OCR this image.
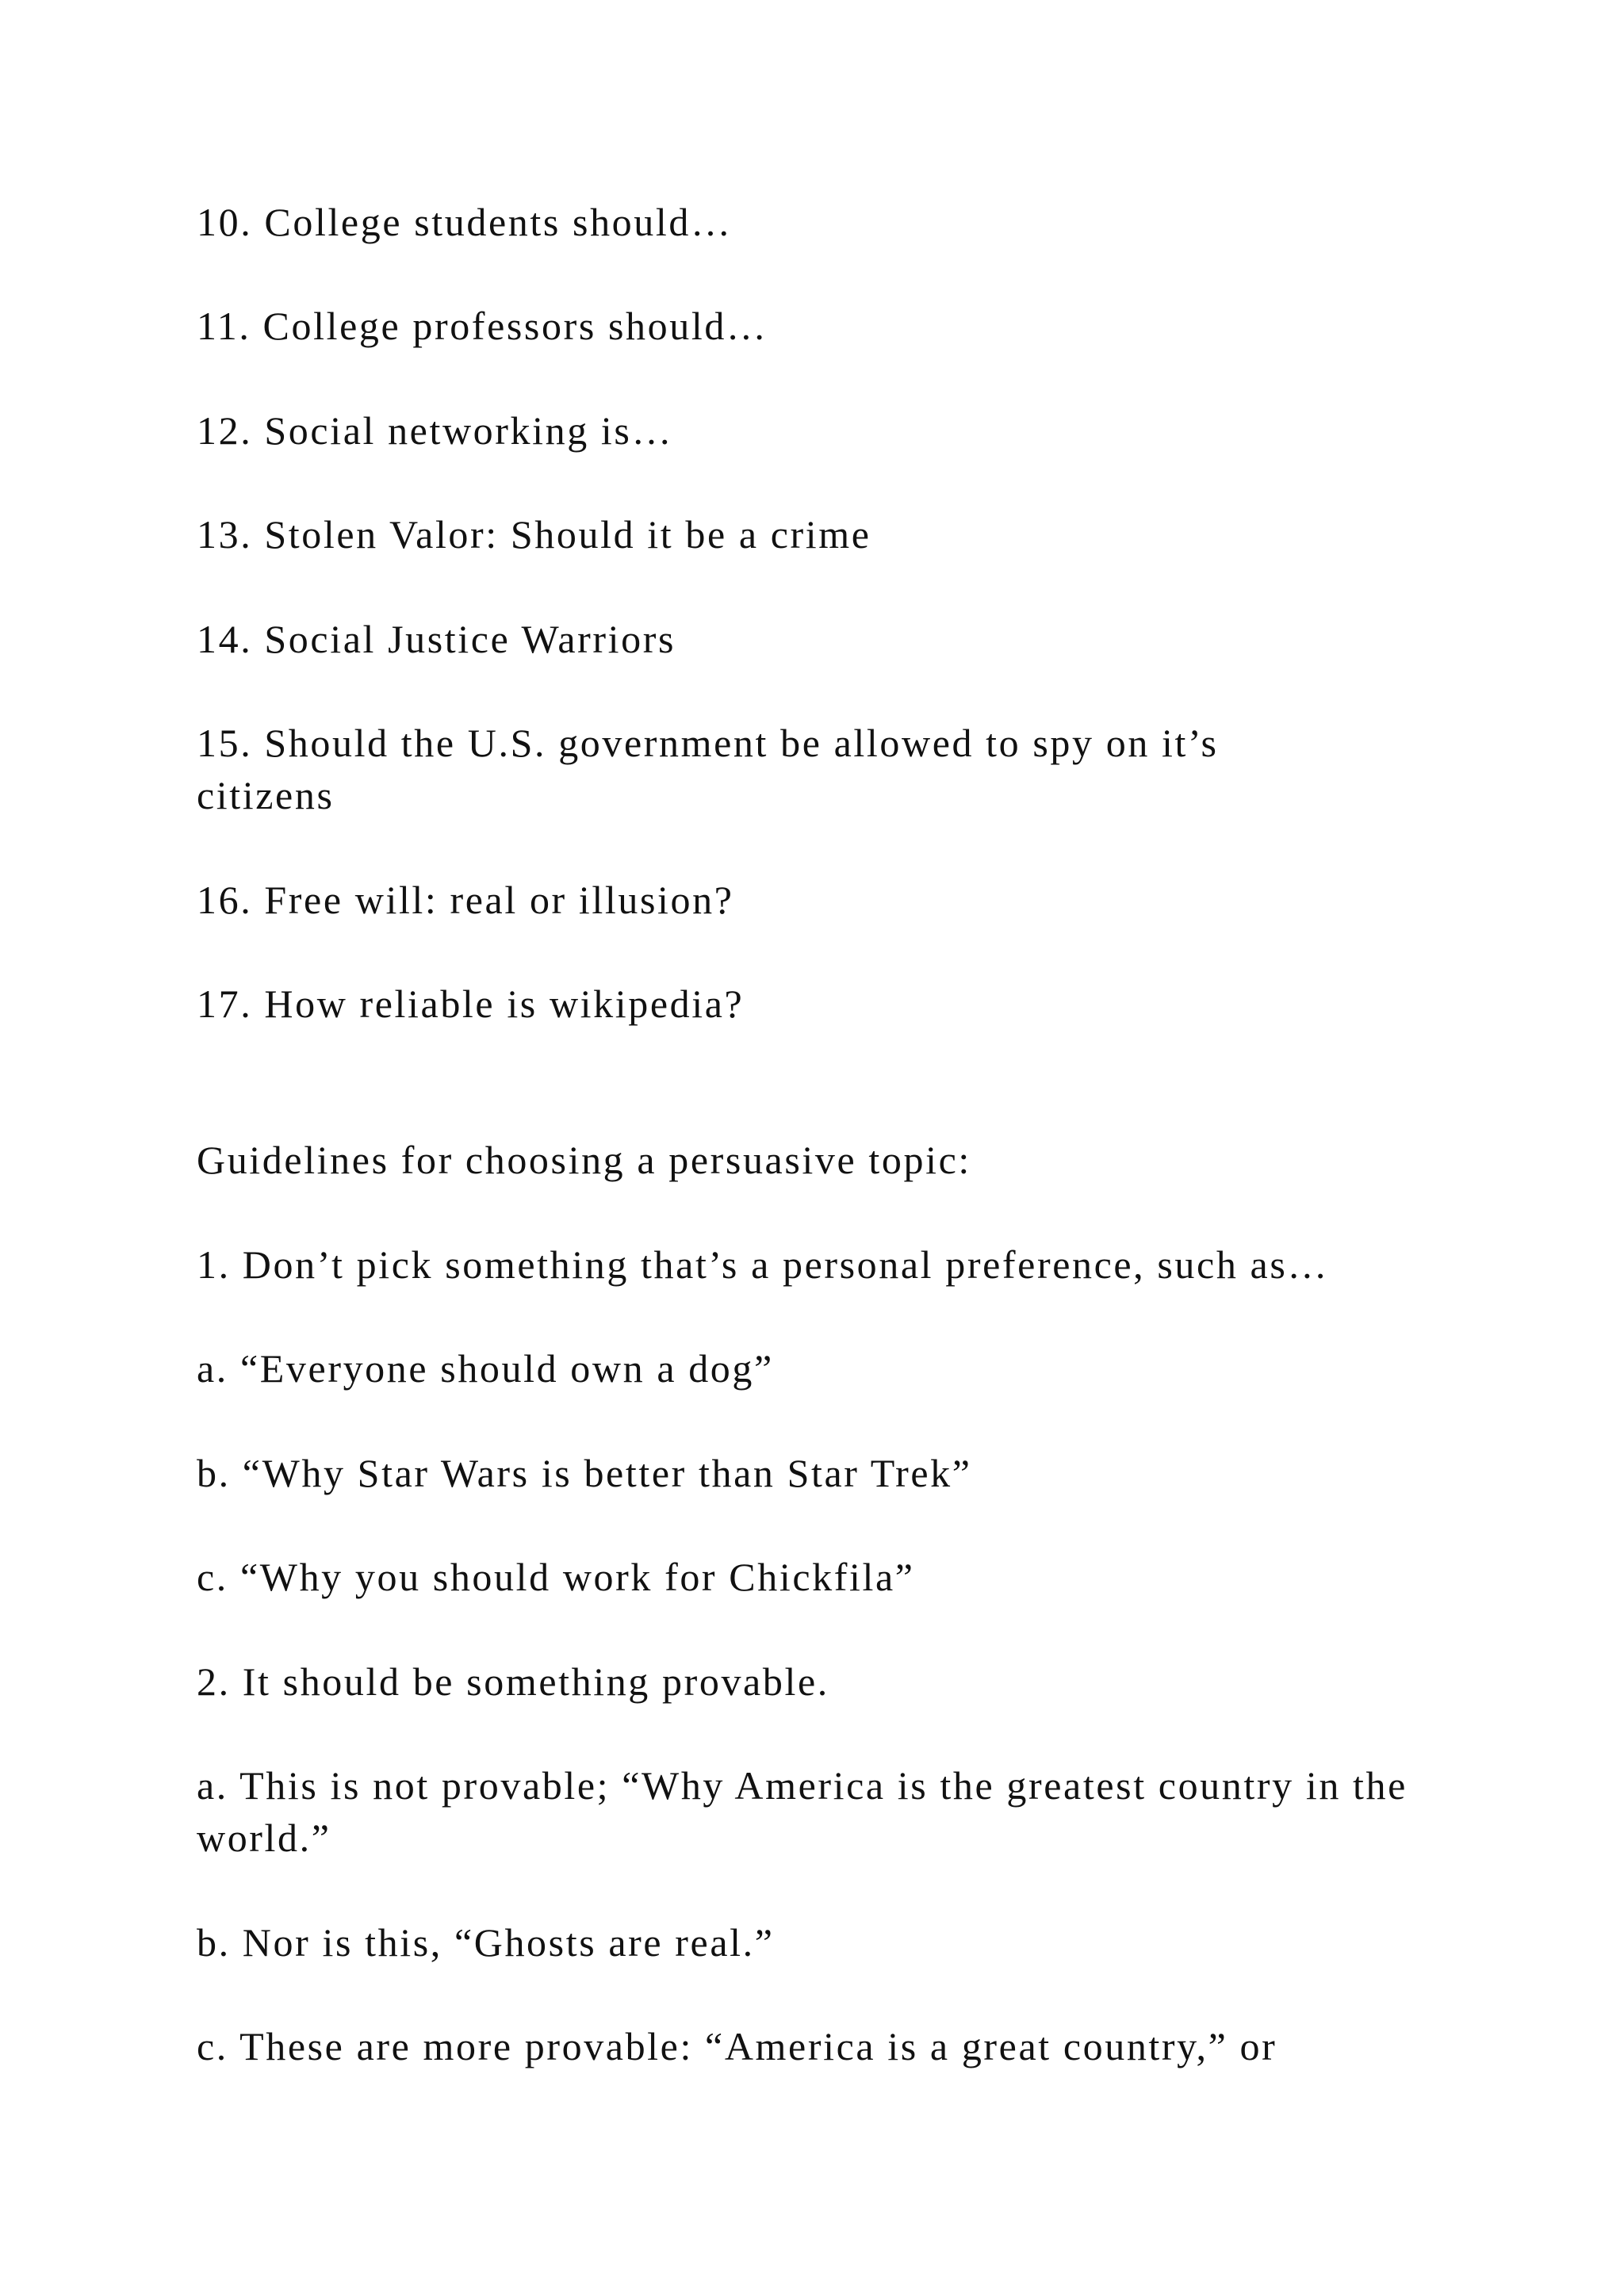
10. College students should…

11. College professors should…

12. Social networking is…

13. Stolen Valor: Should it be a crime

14. Social Justice Warriors

15. Should the U.S. government be allowed to spy on it’s citizens

16. Free will: real or illusion?

17. How reliable is wikipedia?

Guidelines for choosing a persuasive topic:

1. Don’t pick something that’s a personal preference, such as…

a. “Everyone should own a dog”

b. “Why Star Wars is better than Star Trek”

c. “Why you should work for Chickfila”

2. It should be something provable.

a. This is not provable; “Why America is the greatest country in the world.”

b. Nor is this, “Ghosts are real.”

c. These are more provable: “America is a great country,” or
